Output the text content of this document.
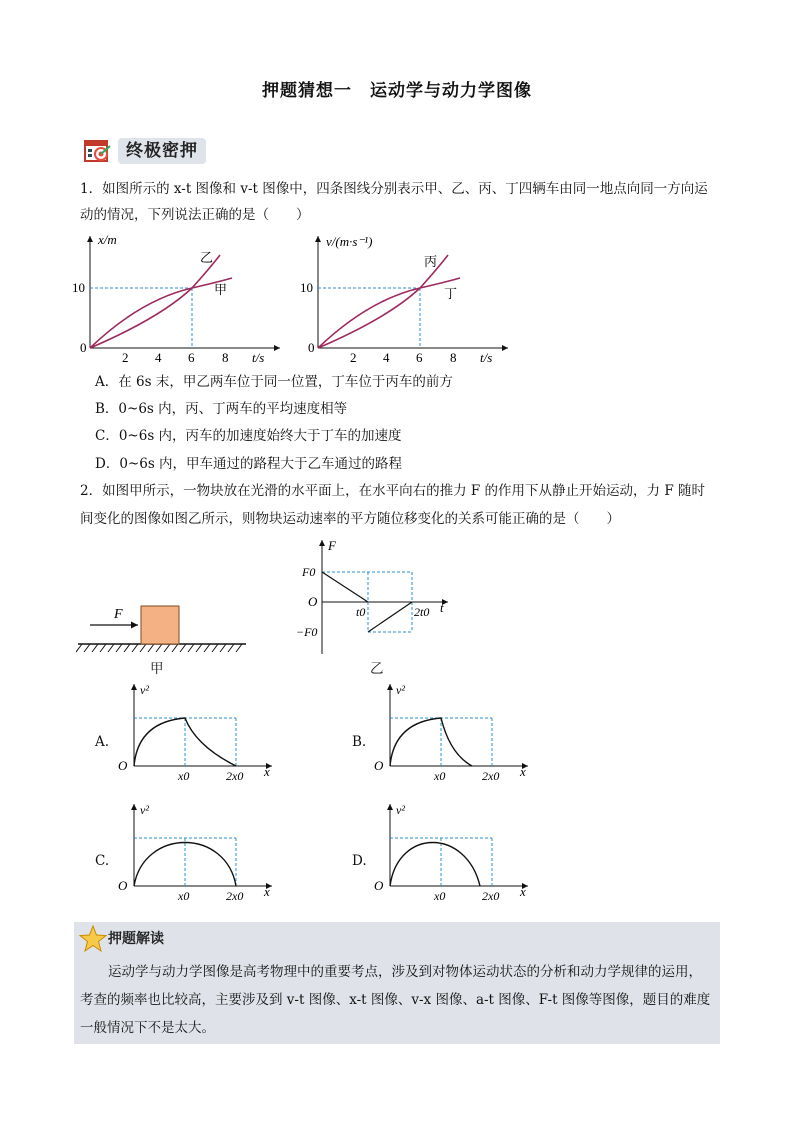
押题猜想一 运动学与动力学图像
终极密押
1．如图所示的 x-t 图像和 v-t 图像中，四条图线分别表示甲、乙、丙、丁四辆车由同一地点向同一方向运
动的情况，下列说法正确的是（　　）
x/m
t/s
10
0
2 4 6 8
乙
甲
v/(m·s⁻¹)
t/s
10
0
2 4 6 8
丙
丁
A．在 6s 末，甲乙两车位于同一位置，丁车位于丙车的前方
B．0~6s 内，丙、丁两车的平均速度相等
C．0~6s 内，丙车的加速度始终大于丁车的加速度
D．0~6s 内，甲车通过的路程大于乙车通过的路程
2．如图甲所示，一物块放在光滑的水平面上，在水平向右的推力 F 的作用下从静止开始运动，力 F 随时
间变化的图像如图乙所示，则物块运动速率的平方随位移变化的关系可能正确的是（　　）
F
甲
F
F0
O
−F0
t0	2t0 t
乙
A.
v²
O
x0	2x0 x
B.
v²
O
x0	2x0 x
C.
v²
O
x0	2x0 x
D.
v²
O
x0	2x0 x
押题解读
运动学与动力学图像是高考物理中的重要考点，涉及到对物体运动状态的分析和动力学规律的运用，考查的频率也比较高，主要涉及到 v-t 图像、x-t 图像、v-x 图像、a-t 图像、F-t 图像等图像，题目的难度一般情况下不是太大。
